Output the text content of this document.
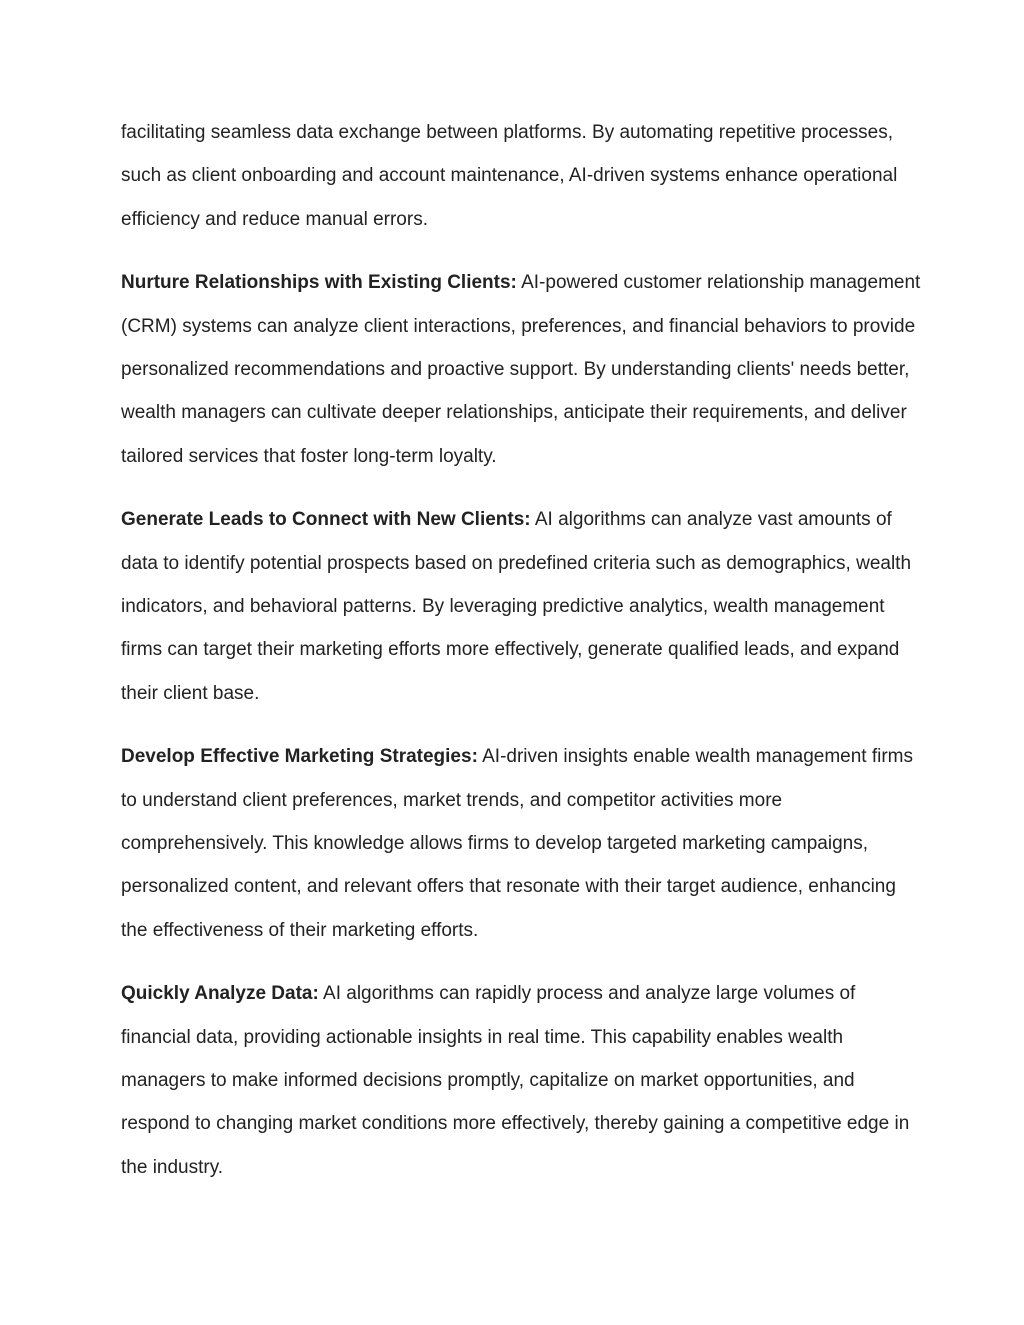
facilitating seamless data exchange between platforms. By automating repetitive processes, such as client onboarding and account maintenance, AI-driven systems enhance operational efficiency and reduce manual errors.

Nurture Relationships with Existing Clients: AI-powered customer relationship management (CRM) systems can analyze client interactions, preferences, and financial behaviors to provide personalized recommendations and proactive support. By understanding clients' needs better, wealth managers can cultivate deeper relationships, anticipate their requirements, and deliver tailored services that foster long-term loyalty.

Generate Leads to Connect with New Clients: AI algorithms can analyze vast amounts of data to identify potential prospects based on predefined criteria such as demographics, wealth indicators, and behavioral patterns. By leveraging predictive analytics, wealth management firms can target their marketing efforts more effectively, generate qualified leads, and expand their client base.

Develop Effective Marketing Strategies: AI-driven insights enable wealth management firms to understand client preferences, market trends, and competitor activities more comprehensively. This knowledge allows firms to develop targeted marketing campaigns, personalized content, and relevant offers that resonate with their target audience, enhancing the effectiveness of their marketing efforts.

Quickly Analyze Data: AI algorithms can rapidly process and analyze large volumes of financial data, providing actionable insights in real time. This capability enables wealth managers to make informed decisions promptly, capitalize on market opportunities, and respond to changing market conditions more effectively, thereby gaining a competitive edge in the industry.
